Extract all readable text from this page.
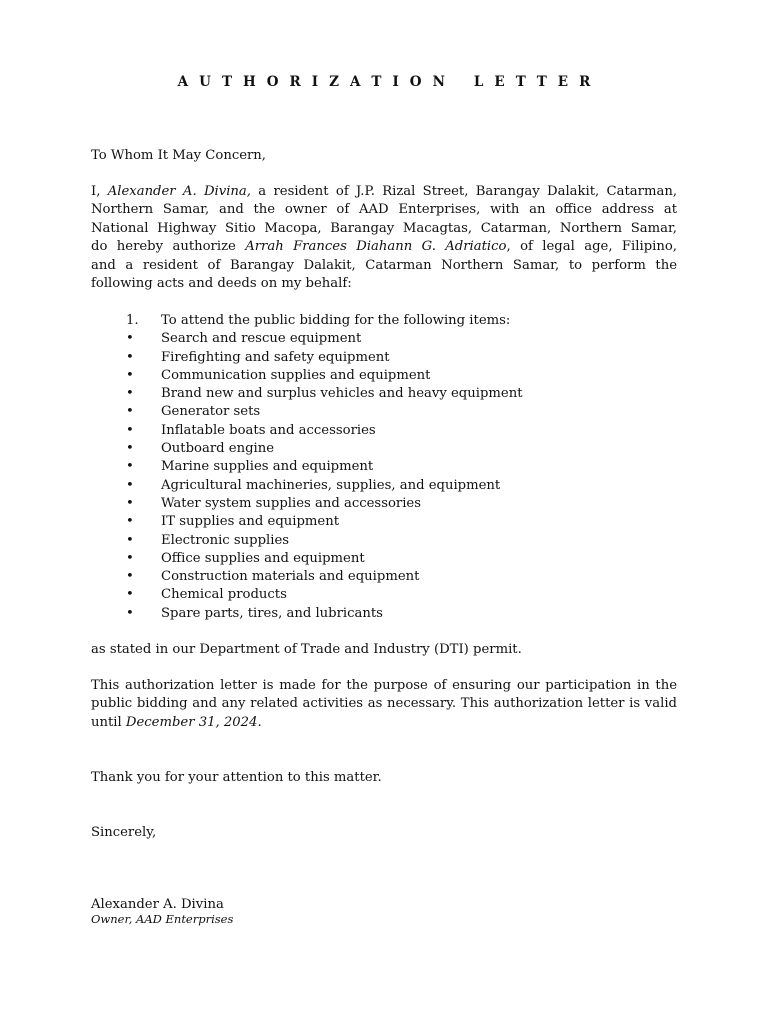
A U T H O R I Z A T I O N L E T T E R
To Whom It May Concern,
I, Alexander A. Divina, a resident of J.P. Rizal Street, Barangay Dalakit, Catarman,
Northern Samar, and the owner of AAD Enterprises, with an office address at
National Highway Sitio Macopa, Barangay Macagtas, Catarman, Northern Samar,
do hereby authorize Arrah Frances Diahann G. Adriatico, of legal age, Filipino,
and a resident of Barangay Dalakit, Catarman Northern Samar, to perform the
following acts and deeds on my behalf:
1.	To attend the public bidding for the following items:
•	Search and rescue equipment
•	Firefighting and safety equipment
•	Communication supplies and equipment
•	Brand new and surplus vehicles and heavy equipment
•	Generator sets
•	Inflatable boats and accessories
•	Outboard engine
•	Marine supplies and equipment
•	Agricultural machineries, supplies, and equipment
•	Water system supplies and accessories
•	IT supplies and equipment
•	Electronic supplies
•	Office supplies and equipment
•	Construction materials and equipment
•	Chemical products
•	Spare parts, tires, and lubricants
as stated in our Department of Trade and Industry (DTI) permit.
This authorization letter is made for the purpose of ensuring our participation in the public bidding and any related activities as necessary. This authorization letter is valid until December 31, 2024.
Thank you for your attention to this matter.
Sincerely,
Alexander A. Divina
Owner, AAD Enterprises
